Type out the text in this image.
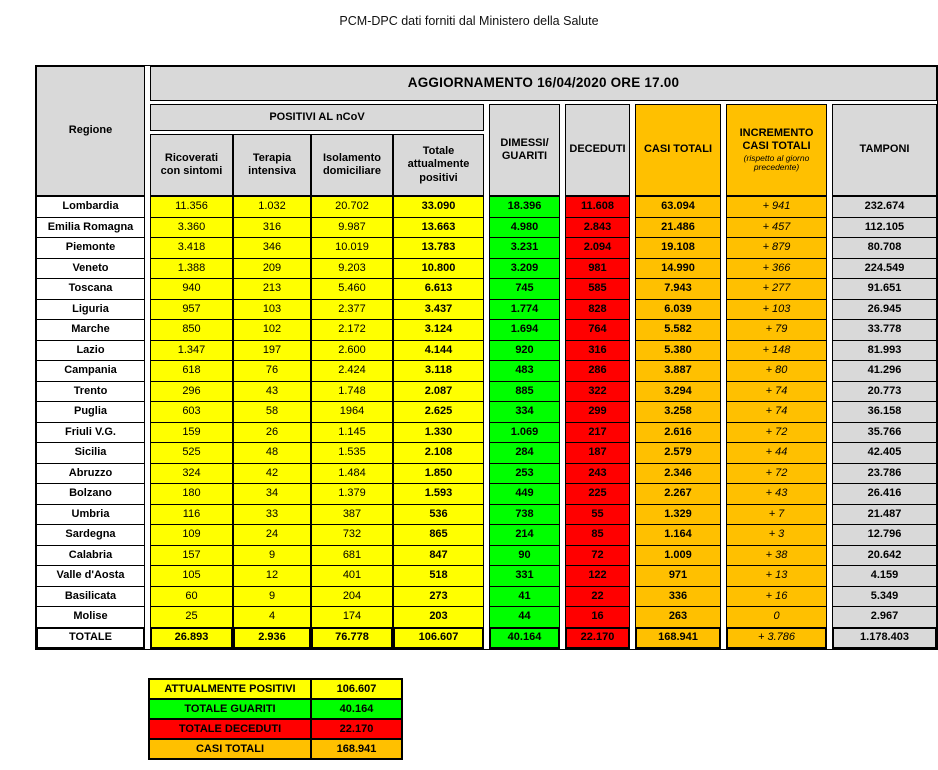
PCM-DPC dati forniti dal Ministero della Salute
Regione
AGGIORNAMENTO 16/04/2020 ORE 17.00
POSITIVI AL nCoV
Ricoverati con sintomi
Terapia intensiva
Isolamento domiciliare
Totale attualmente positivi
DIMESSI/ GUARITI
DECEDUTI	CASI TOTALI
INCREMENTO CASI TOTALI
(rispetto al giorno precedente)
TAMPONI
Lombardia	11.356	1.032	20.702	33.090	18.396	11.608	63.094	+ 941	232.674
Emilia Romagna	3.360	316	9.987	13.663	4.980	2.843	21.486	+ 457	112.105
Piemonte	3.418	346	10.019	13.783	3.231	2.094	19.108	+ 879	80.708
Veneto	1.388	209	9.203	10.800	3.209	981	14.990	+ 366	224.549
Toscana	940	213	5.460	6.613	745	585	7.943	+ 277	91.651
Liguria	957	103	2.377	3.437	1.774	828	6.039	+ 103	26.945
Marche	850	102	2.172	3.124	1.694	764	5.582	+ 79	33.778
Lazio	1.347	197	2.600	4.144	920	316	5.380	+ 148	81.993
Campania	618	76	2.424	3.118	483	286	3.887	+ 80	41.296
Trento	296	43	1.748	2.087	885	322	3.294	+ 74	20.773
Puglia	603	58	1964	2.625	334	299	3.258	+ 74	36.158
Friuli V.G.	159	26	1.145	1.330	1.069	217	2.616	+ 72	35.766
Sicilia	525	48	1.535	2.108	284	187	2.579	+ 44	42.405
Abruzzo	324	42	1.484	1.850	253	243	2.346	+ 72	23.786
Bolzano	180	34	1.379	1.593	449	225	2.267	+ 43	26.416
Umbria	116	33	387	536	738	55	1.329	+ 7	21.487
Sardegna	109	24	732	865	214	85	1.164	+ 3	12.796
Calabria	157	9	681	847	90	72	1.009	+ 38	20.642
Valle d'Aosta	105	12	401	518	331	122	971	+ 13	4.159
Basilicata	60	9	204	273	41	22	336	+ 16	5.349
Molise	25	4	174	203	44	16	263	0	2.967
TOTALE	26.893	2.936	76.778	106.607	40.164	22.170	168.941	+ 3.786	1.178.403
ATTUALMENTE POSITIVI	106.607
TOTALE GUARITI	40.164
TOTALE DECEDUTI	22.170
CASI TOTALI	168.941
